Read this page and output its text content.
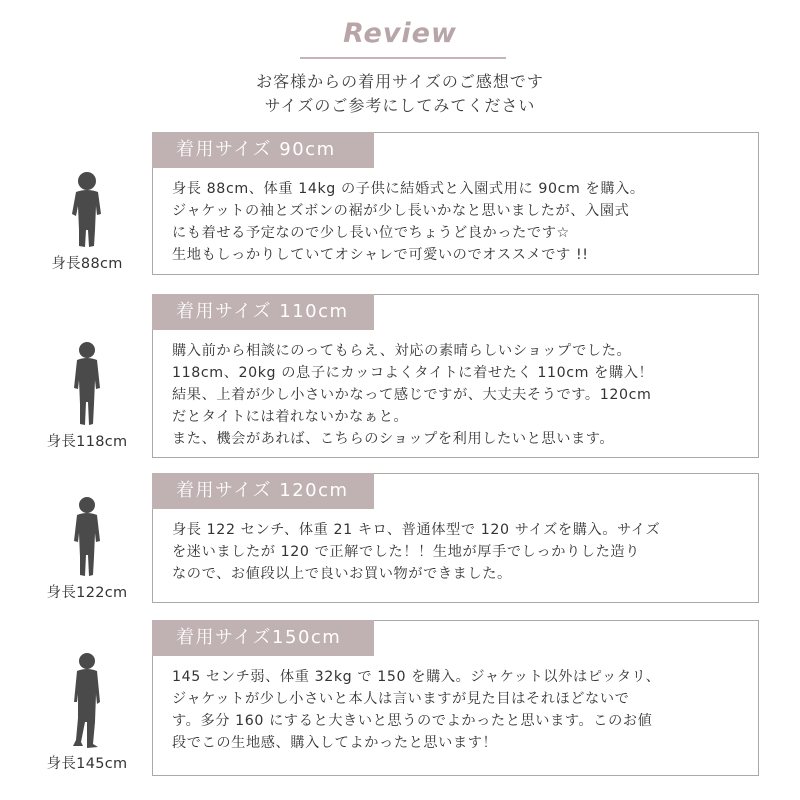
Review
お客様からの着用サイズのご感想です
サイズのご参考にしてみてください
身長88cm
着用サイズ 90cm
身長 88cm、体重 14kg の子供に結婚式と入園式用に 90cm を購入。
ジャケットの袖とズボンの裾が少し長いかなと思いましたが、入園式
にも着せる予定なので少し長い位でちょうど良かったです☆
生地もしっかりしていてオシャレで可愛いのでオススメです !!
身長118cm
着用サイズ 110cm
購入前から相談にのってもらえ、対応の素晴らしいショップでした。
118cm、20kg の息子にカッコよくタイトに着せたく 110cm を購入！
結果、上着が少し小さいかなって感じですが、大丈夫そうです。120cm
だとタイトには着れないかなぁと。
また、機会があれば、こちらのショップを利用したいと思います。
身長122cm
着用サイズ 120cm
身長 122 センチ、体重 21 キロ、普通体型で 120 サイズを購入。サイズ
を迷いましたが 120 で正解でした！！生地が厚手でしっかりした造り
なので、お値段以上で良いお買い物ができました。
身長145cm
着用サイズ150cm
145 センチ弱、体重 32kg で 150 を購入。ジャケット以外はピッタリ、
ジャケットが少し小さいと本人は言いますが見た目はそれほどないで
す。多分 160 にすると大きいと思うのでよかったと思います。このお値
段でこの生地感、購入してよかったと思います！
